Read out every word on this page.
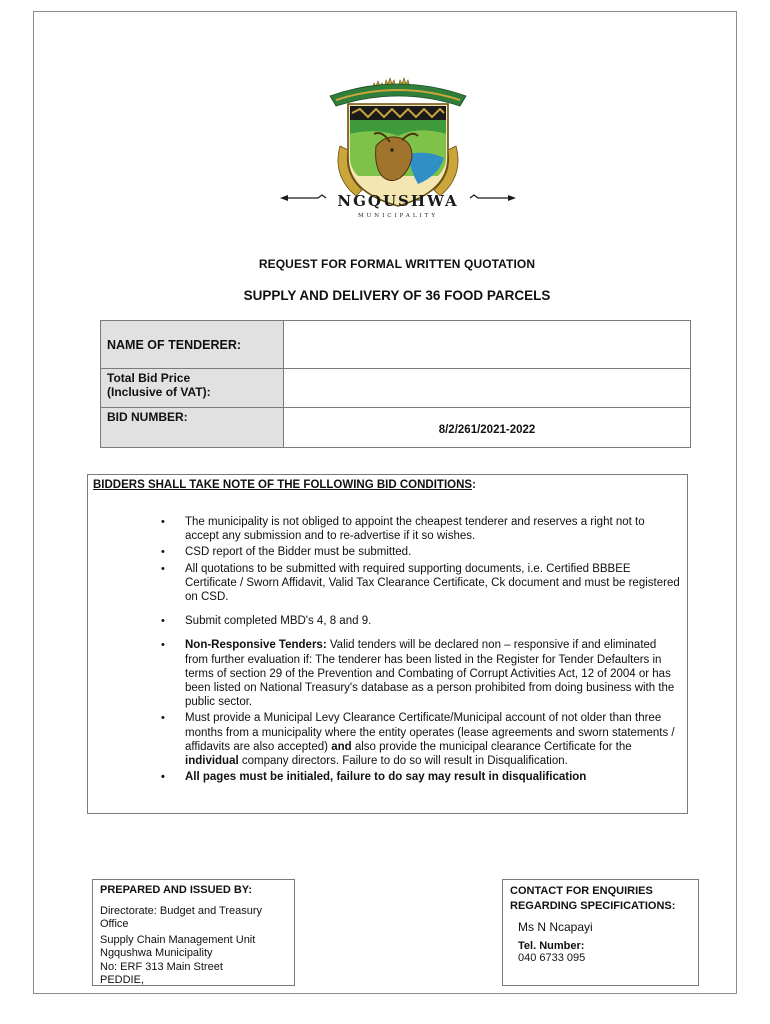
NGQUSHWA
MUNICIPALITY
REQUEST FOR FORMAL WRITTEN QUOTATION
SUPPLY AND DELIVERY OF 36 FOOD PARCELS
NAME OF TENDERER:	

Total Bid Price
(Inclusive of VAT):	

BID NUMBER:	8/2/261/2021-2022
BIDDERS SHALL TAKE NOTE OF THE FOLLOWING BID CONDITIONS:
• The municipality is not obliged to appoint the cheapest tenderer and reserves a right not to accept any submission and to re-advertise if it so wishes.
• CSD report of the Bidder must be submitted.
• All quotations to be submitted with required supporting documents, i.e. Certified BBBEE Certificate / Sworn Affidavit, Valid Tax Clearance Certificate, Ck document and must be registered on CSD.
• Submit completed MBD's 4, 8 and 9.
• Non-Responsive Tenders: Valid tenders will be declared non – responsive if and eliminated from further evaluation if: The tenderer has been listed in the Register for Tender Defaulters in terms of section 29 of the Prevention and Combating of Corrupt Activities Act, 12 of 2004 or has been listed on National Treasury's database as a person prohibited from doing business with the public sector.
• Must provide a Municipal Levy Clearance Certificate/Municipal account of not older than three months from a municipality where the entity operates (lease agreements and sworn statements / affidavits are also accepted) and also provide the municipal clearance Certificate for the individual company directors. Failure to do so will result in Disqualification.
• All pages must be initialed, failure to do say may result in disqualification
PREPARED AND ISSUED BY:
Directorate: Budget and Treasury
Office
Supply Chain Management Unit
Ngqushwa Municipality
No: ERF 313 Main Street
PEDDIE,
CONTACT FOR ENQUIRIES
REGARDING SPECIFICATIONS:
Ms N Ncapayi
Tel. Number:
040 6733 095
